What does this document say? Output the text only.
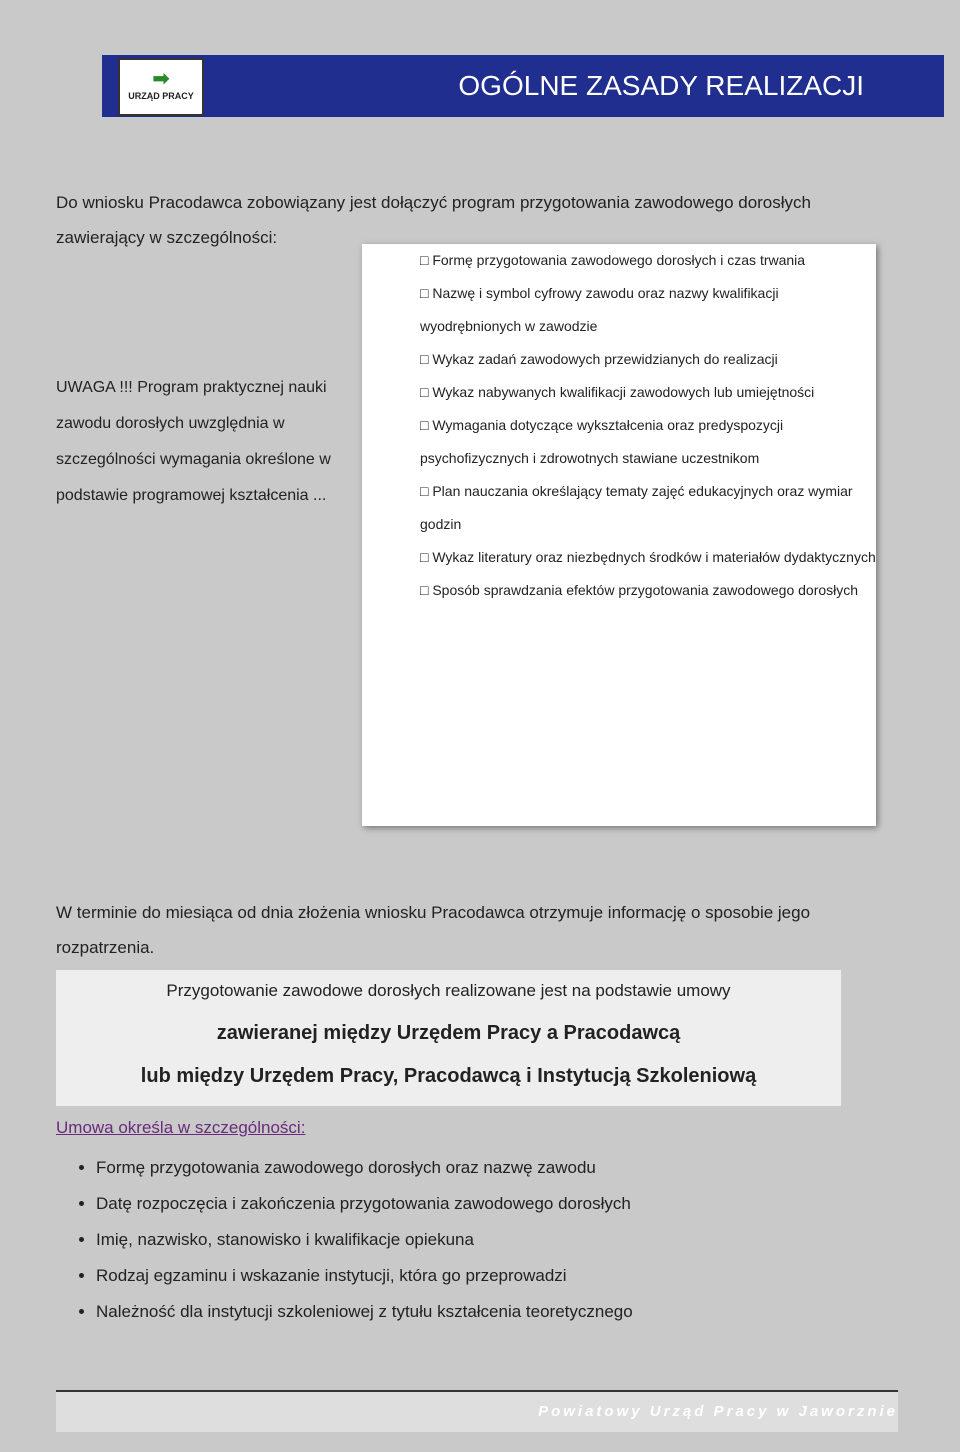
OGÓLNE ZASADY REALIZACJI
➡
URZĄD PRACY
Do wniosku Pracodawca zobowiązany jest dołączyć program przygotowania zawodowego dorosłych zawierający w szczególności:
□ Formę przygotowania zawodowego dorosłych i czas trwania
□ Nazwę i symbol cyfrowy zawodu oraz nazwy kwalifikacji wyodrębnionych w zawodzie
□ Wykaz zadań zawodowych przewidzianych do realizacji
□ Wykaz nabywanych kwalifikacji zawodowych lub umiejętności
□ Wymagania dotyczące wykształcenia oraz predyspozycji psychofizycznych i zdrowotnych stawiane uczestnikom
□ Plan nauczania określający tematy zajęć edukacyjnych oraz wymiar godzin
□ Wykaz literatury oraz niezbędnych środków i materiałów dydaktycznych
□ Sposób sprawdzania efektów przygotowania zawodowego dorosłych
UWAGA !!! Program praktycznej nauki zawodu dorosłych uwzględnia w szczególności wymagania określone w podstawie programowej kształcenia ...
W terminie do miesiąca od dnia złożenia wniosku Pracodawca otrzymuje informację o sposobie jego rozpatrzenia.
Przygotowanie zawodowe dorosłych realizowane jest na podstawie umowy
zawieranej między Urzędem Pracy a Pracodawcą
lub między Urzędem Pracy, Pracodawcą i Instytucją Szkoleniową
Umowa określa w szczególności:
• Formę przygotowania zawodowego dorosłych oraz nazwę zawodu
• Datę rozpoczęcia i zakończenia przygotowania zawodowego dorosłych
• Imię, nazwisko, stanowisko i kwalifikacje opiekuna
• Rodzaj egzaminu i wskazanie instytucji, która go przeprowadzi
• Należność dla instytucji szkoleniowej z tytułu kształcenia teoretycznego
Powiatowy Urząd Pracy w Jaworznie
